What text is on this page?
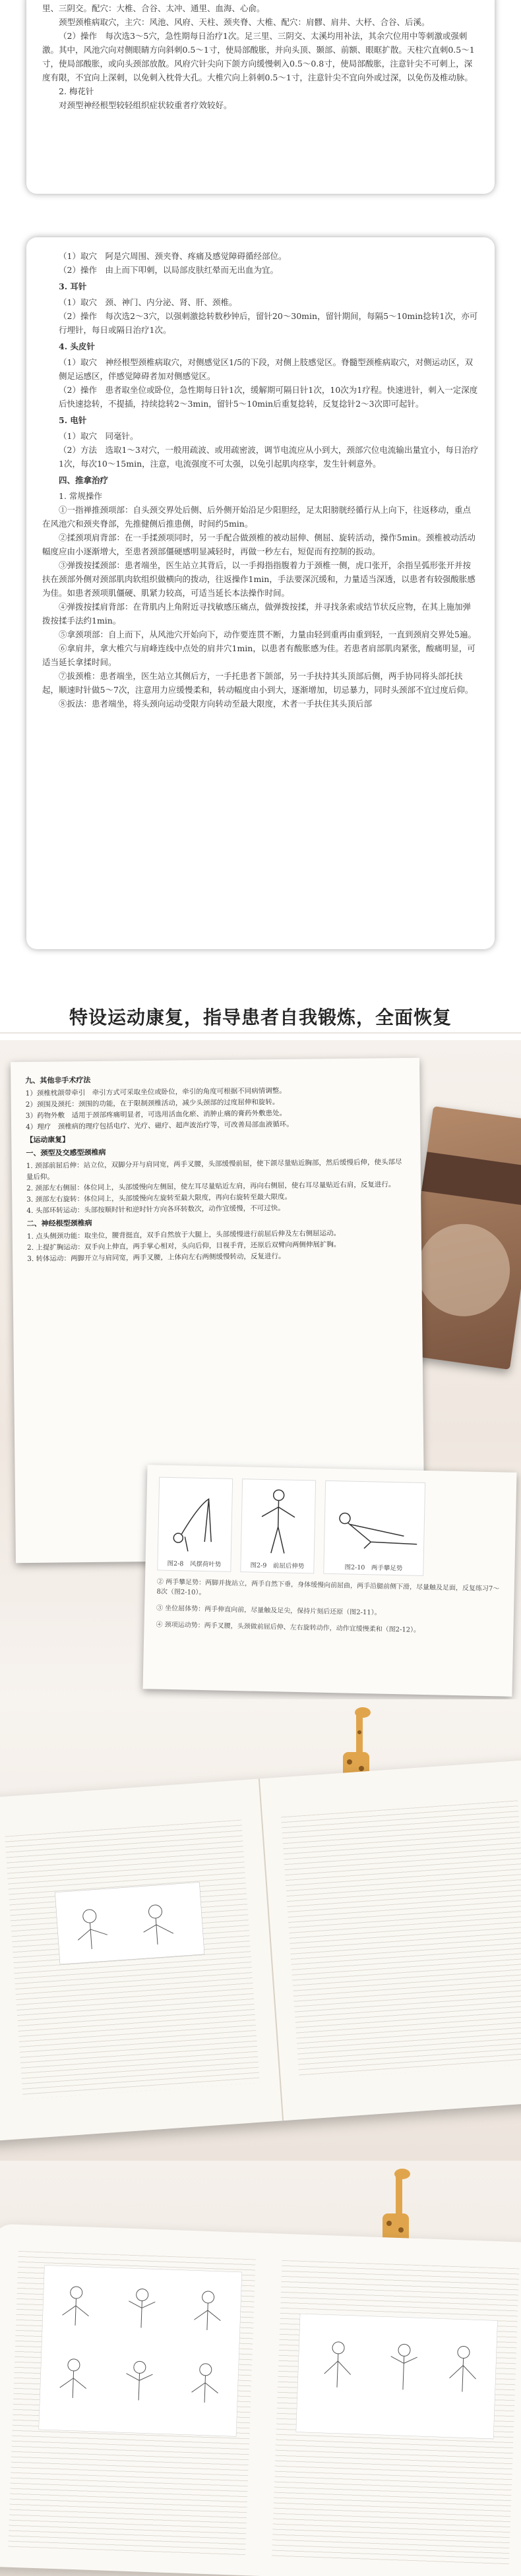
里、三阴交。配穴：大椎、合谷、太冲、通里、血海、心俞。

颈型颈椎病取穴，主穴：风池、风府、天柱、颈夹脊、大椎、配穴：肩髎、肩井、大杼、合谷、后溪。

（2）操作　每次选3～5穴，急性期每日治疗1次。足三里、三阴交、太溪均用补法，其余穴位用中等刺激或强刺激。其中，风池穴向对侧眼睛方向斜刺0.5～1寸，使局部酸胀，并向头顶、颞部、前额、眼眶扩散。天柱穴直刺0.5～1寸，使局部酸胀，或向头颈部放散。风府穴针尖向下颌方向缓慢刺入0.5～0.8寸，使局部酸胀，注意针尖不可刺上，深度有限，不宜向上深刺，以免刺入枕骨大孔。大椎穴向上斜刺0.5～1寸，注意针尖不宜向外或过深，以免伤及椎动脉。

2. 梅花针

对颈型神经根型较轻组织症状较重者疗效较好。

（1）取穴　阿是穴周围、颈夹脊、疼痛及感觉障碍循经部位。

（2）操作　由上而下叩刺，以局部皮肤红晕而无出血为宜。

3. 耳针

（1）取穴　颈、神门、内分泌、肾、肝、颈椎。

（2）操作　每次选2～3穴，以强刺激捻转数秒钟后，留针20～30min，留针期间，每隔5～10min捻转1次，亦可行埋针，每日或隔日治疗1次。

4. 头皮针

（1）取穴　神经根型颈椎病取穴，对侧感觉区1/5的下段，对侧上肢感觉区。脊髓型颈椎病取穴，对侧运动区，双侧足运感区，伴感觉障碍者加对侧感觉区。

（2）操作　患者取坐位或卧位，急性期每日针1次，缓解期可隔日针1次，10次为1疗程。快速进针，刺入一定深度后快速捻转，不提插，持续捻转2～3min，留针5～10min后重复捻转，反复捻针2～3次即可起针。

5. 电针

（1）取穴　同毫针。

（2）方法　选取1～3对穴，一般用疏波、或用疏密波，调节电流应从小到大，颈部穴位电流输出量宜小，每日治疗1次，每次10～15min，注意，电流强度不可太强，以免引起肌肉痉挛，发生针刺意外。

四、推拿治疗

1. 常规操作

①一指禅推颈项部：自头颈交界处后侧、后外侧开始沿足少阳胆经，足太阳膀胱经循行从上向下，往返移动，重点在风池穴和颈夹脊部，先推健侧后推患侧，时间约5min。

②揉颈项肩背部：在一手揉颈项同时，另一手配合做颈椎的被动屈伸、侧屈、旋转活动，操作5min。颈椎被动活动幅度应由小逐渐增大，至患者颈部僵硬感明显减轻时，再做一秒左右，短促而有控制的扳动。

③弹拨按揉颈部：患者端坐，医生站立其背后，以一手拇指指腹着力于颈椎一侧，虎口张开，余指呈弧形张开并按扶在颈部外侧对颈部肌肉软组织做横向的拨动，往返操作1min，手法要深沉缓和，力量适当深透，以患者有较强酸胀感为佳。如患者颈项肌僵硬、肌紧力较高，可适当延长本法操作时间。

④弹拨按揉肩背部：在背肌内上角附近寻找敏感压痛点，做弹拨按揉，并寻找条索或结节状反应物，在其上施加弹拨按揉手法约1min。

⑤拿颈项部：自上而下，从风池穴开始向下，动作要连贯不断，力量由轻到重再由重到轻，一直到颈肩交界处5遍。

⑥拿肩井，拿大椎穴与肩峰连线中点处的肩井穴1min，以患者有酸胀感为佳。若患者肩部肌肉紧张，酸痛明显，可适当延长拿揉时间。

⑦拔颈椎：患者端坐，医生站立其侧后方，一手托患者下颌部，另一手扶持其头顶部后侧，两手协同将头部托扶起，顺速时针做5～7次，注意用力应缓慢柔和，转动幅度由小到大，逐渐增加，切忌暴力，同时头颈部不宜过度后仰。

⑧扳法：患者端坐，将头颈向运动受限方向转动至最大限度，术者一手扶住其头顶后部

特设运动康复，指导患者自我锻炼，全面恢复

九、其他非手术疗法

1）颈椎枕颌带牵引　牵引方式可采取坐位或卧位，牵引的角度可根据不同病情调整。

2）颈围及颈托：颈围的功能，在于限制颈椎活动，减少头颈部的过度屈伸和旋转。

3）药物外敷　适用于颈部疼痛明显者，可选用活血化瘀、消肿止痛的膏药外敷患处。

4）理疗　颈椎病的理疗包括电疗、光疗、磁疗、超声波治疗等，可改善局部血液循环。

【运动康复】

一、颈型及交感型颈椎病

1. 颈部前屈后伸：站立位，双脚分开与肩同宽，两手叉腰，头部缓慢前屈，使下颌尽量贴近胸部，然后缓慢后伸，使头部尽量后仰。

2. 颈部左右侧屈：体位同上，头部缓慢向左侧屈，使左耳尽量贴近左肩，再向右侧屈，使右耳尽量贴近右肩，反复进行。

3. 颈部左右旋转：体位同上，头部缓慢向左旋转至最大限度，再向右旋转至最大限度。

4. 头部环转运动：头部按顺时针和逆时针方向各环转数次，动作宜缓慢，不可过快。

二、神经根型颈椎病

1. 点头侧颈功能：取坐位，腰背挺直，双手自然放于大腿上，头部缓慢进行前屈后伸及左右侧屈运动。

2. 上提扩胸运动：双手向上伸直，两手掌心相对，头向后仰，目视手背，还原后双臂向两侧伸展扩胸。

3. 转体运动：两脚开立与肩同宽，两手叉腰，上体向左右两侧缓慢转动，反复进行。

图2-8　风摆荷叶势	图2-9　前屈后伸势	图2-10　两手攀足势

② 两手攀足势：两脚并拢站立，两手自然下垂，身体缓慢向前屈曲，两手沿腿前侧下滑，尽量触及足面，反复练习7～8次（图2-10）。

③ 坐位屈体势：两手伸直向前，尽量触及足尖，保持片刻后还原（图2-11）。

④ 颈项运动势：两手叉腰，头颈做前屈后伸、左右旋转动作，动作宜缓慢柔和（图2-12）。
